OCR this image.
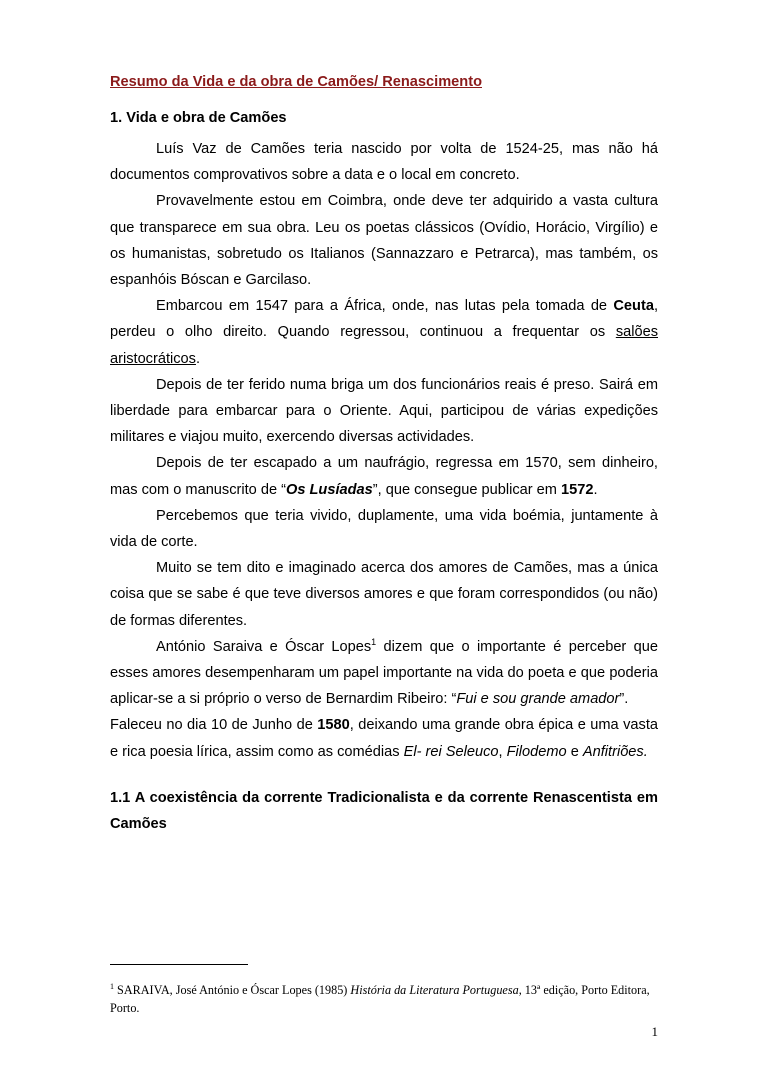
Resumo da Vida e da obra de Camões/ Renascimento

1. Vida e obra de Camões

Luís Vaz de Camões teria nascido por volta de 1524-25, mas não há documentos comprovativos sobre a data e o local em concreto.

Provavelmente estou em Coimbra, onde deve ter adquirido a vasta cultura que transparece em sua obra. Leu os poetas clássicos (Ovídio, Horácio, Virgílio) e os humanistas, sobretudo os Italianos (Sannazzaro e Petrarca), mas também, os espanhóis Bóscan e Garcilaso.

Embarcou em 1547 para a África, onde, nas lutas pela tomada de Ceuta, perdeu o olho direito. Quando regressou, continuou a frequentar os salões aristocráticos.

Depois de ter ferido numa briga um dos funcionários reais é preso. Sairá em liberdade para embarcar para o Oriente. Aqui, participou de várias expedições militares e viajou muito, exercendo diversas actividades.

Depois de ter escapado a um naufrágio, regressa em 1570, sem dinheiro, mas com o manuscrito de “Os Lusíadas”, que consegue publicar em 1572.

Percebemos que teria vivido, duplamente, uma vida boémia, juntamente à vida de corte.

Muito se tem dito e imaginado acerca dos amores de Camões, mas a única coisa que se sabe é que teve diversos amores e que foram correspondidos (ou não) de formas diferentes.

António Saraiva e Óscar Lopes$^1$ dizem que o importante é perceber que esses amores desempenharam um papel importante na vida do poeta e que poderia aplicar-se a si próprio o verso de Bernardim Ribeiro: “Fui e sou grande amador”.

Faleceu no dia 10 de Junho de 1580, deixando uma grande obra épica e uma vasta e rica poesia lírica, assim como as comédias El- rei Seleuco, Filodemo e Anfitriões.

1.1 A coexistência da corrente Tradicionalista e da corrente Renascentista em Camões

$^1$ SARAIVA, José António e Óscar Lopes (1985) História da Literatura Portuguesa, 13ª edição, Porto Editora, Porto.
1
